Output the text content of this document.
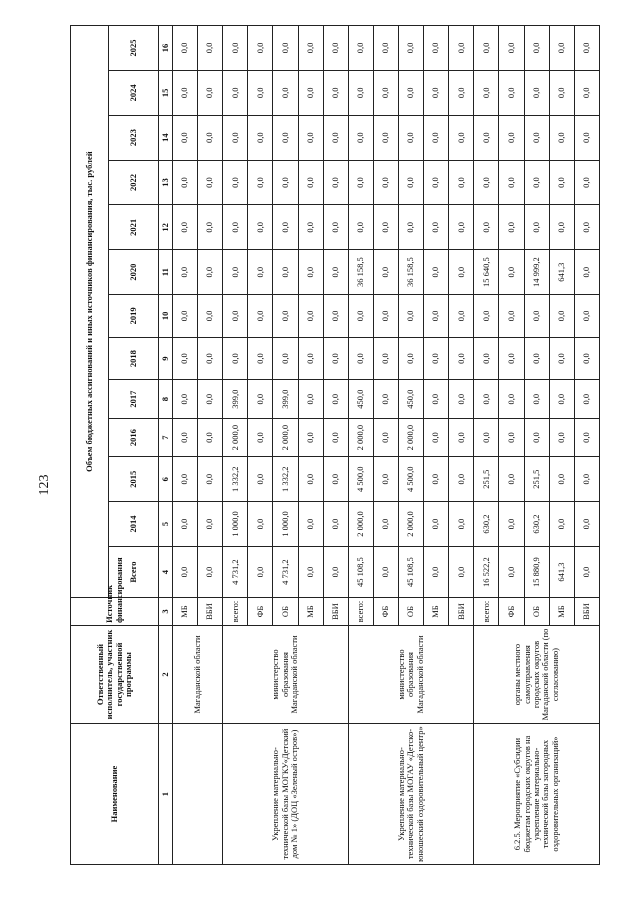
123
Наименование	Ответственный исполнитель, участник государственной программы	Источник финансирования	Объем бюджетных ассигнований и иных источников финансирования, тыс. рублей												
			Всего	2014	2015	2016	2017	2018	2019	2020	2021	2022	2023	2024	2025
1	2	3	4	5	6	7	8	9	10	11	12	13	14	15	16
	Магаданской области	МБ	0,0	0,0	0,0	0,0	0,0	0,0	0,0	0,0	0,0	0,0	0,0	0,0	0,0
		ВБИ	0,0	0,0	0,0	0,0	0,0	0,0	0,0	0,0	0,0	0,0	0,0	0,0	0,0
Укрепление материально-технической базы МОГКУ«Детский дом № 1» (ДОЦ «Зеленый остров»)	министерство образования Магаданской области	всего:	4 731,2	1 000,0	1 332,2	2 000,0	399,0	0,0	0,0	0,0	0,0	0,0	0,0	0,0	0,0
		ФБ	0,0	0,0	0,0	0,0	0,0	0,0	0,0	0,0	0,0	0,0	0,0	0,0	0,0
		ОБ	4 731,2	1 000,0	1 332,2	2 000,0	399,0	0,0	0,0	0,0	0,0	0,0	0,0	0,0	0,0
		МБ	0,0	0,0	0,0	0,0	0,0	0,0	0,0	0,0	0,0	0,0	0,0	0,0	0,0
		ВБИ	0,0	0,0	0,0	0,0	0,0	0,0	0,0	0,0	0,0	0,0	0,0	0,0	0,0
Укрепление материально-технической базы МОГАУ «Детско-юношеский оздоровительный центр»	министерство образования Магаданской области	всего:	45 108,5	2 000,0	4 500,0	2 000,0	450,0	0,0	0,0	36 158,5	0,0	0,0	0,0	0,0	0,0
		ФБ	0,0	0,0	0,0	0,0	0,0	0,0	0,0	0,0	0,0	0,0	0,0	0,0	0,0
		ОБ	45 108,5	2 000,0	4 500,0	2 000,0	450,0	0,0	0,0	36 158,5	0,0	0,0	0,0	0,0	0,0
		МБ	0,0	0,0	0,0	0,0	0,0	0,0	0,0	0,0	0,0	0,0	0,0	0,0	0,0
		ВБИ	0,0	0,0	0,0	0,0	0,0	0,0	0,0	0,0	0,0	0,0	0,0	0,0	0,0
6.2.5. Мероприятие «Субсидии бюджетам городских округов на укрепление материально-технической базы загородных оздоровительных организаций»	органы местного самоуправления городских округов Магаданской области (по согласованию)	всего:	16 522,2	630,2	251,5	0,0	0,0	0,0	0,0	15 640,5	0,0	0,0	0,0	0,0	0,0
		ФБ	0,0	0,0	0,0	0,0	0,0	0,0	0,0	0,0	0,0	0,0	0,0	0,0	0,0
		ОБ	15 880,9	630,2	251,5	0,0	0,0	0,0	0,0	14 999,2	0,0	0,0	0,0	0,0	0,0
		МБ	641,3	0,0	0,0	0,0	0,0	0,0	0,0	641,3	0,0	0,0	0,0	0,0	0,0
		ВБИ	0,0	0,0	0,0	0,0	0,0	0,0	0,0	0,0	0,0	0,0	0,0	0,0	0,0
